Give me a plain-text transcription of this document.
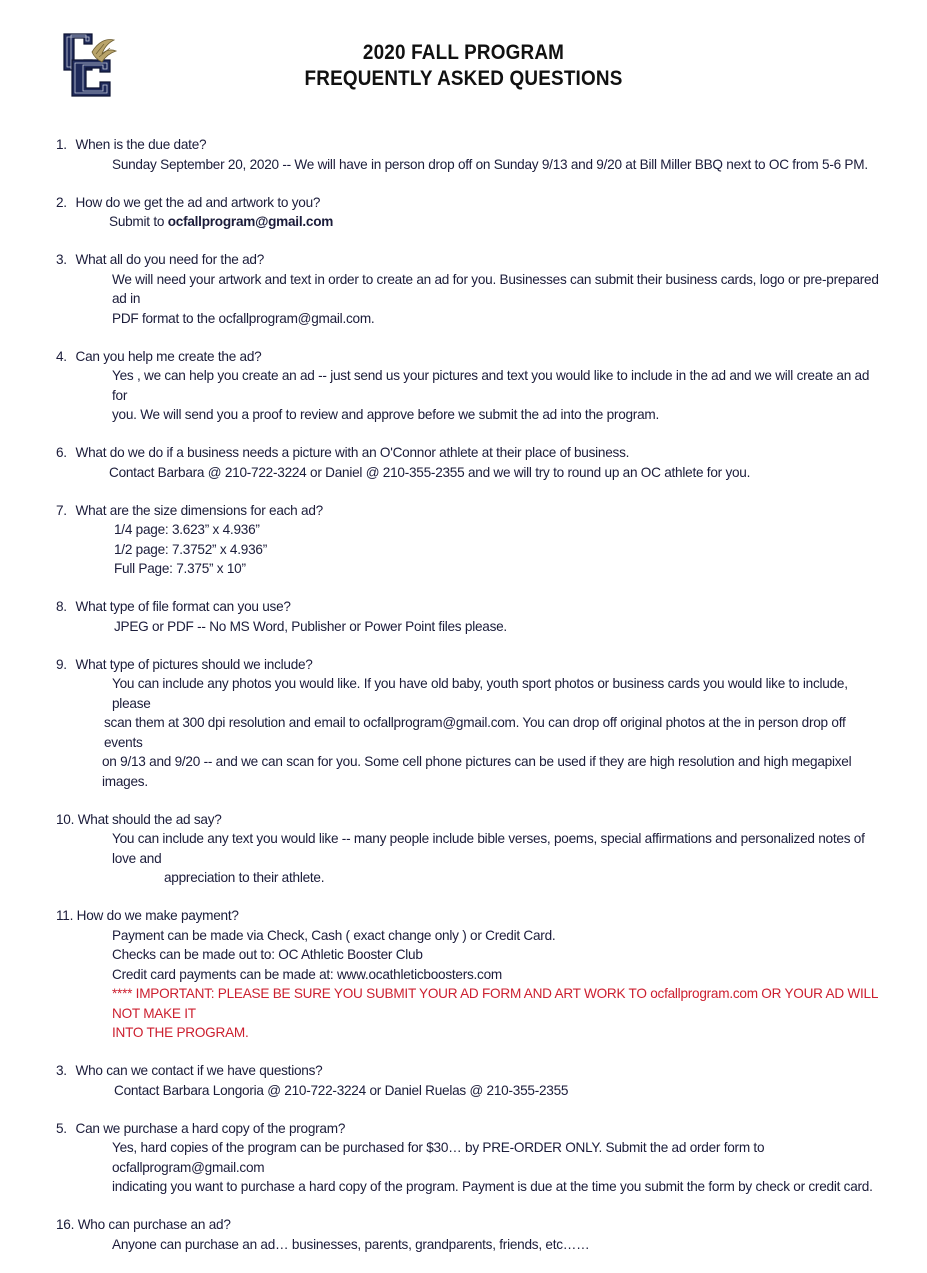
2020 FALL PROGRAM
FREQUENTLY ASKED QUESTIONS
1. When is the due date?
Sunday September 20, 2020 -- We will have in person drop off on Sunday 9/13 and 9/20 at Bill Miller BBQ next to OC from 5-6 PM.
2. How do we get the ad and artwork to you?
Submit to ocfallprogram@gmail.com
3. What all do you need for the ad?
We will need your artwork and text in order to create an ad for you. Businesses can submit their business cards, logo or pre-prepared ad in
PDF format to the ocfallprogram@gmail.com.
4. Can you help me create the ad?
Yes , we can help you create an ad -- just send us your pictures and text you would like to include in the ad and we will create an ad for
you. We will send you a proof to review and approve before we submit the ad into the program.
6. What do we do if a business needs a picture with an O'Connor athlete at their place of business.
Contact Barbara @ 210-722-3224 or Daniel @ 210-355-2355 and we will try to round up an OC athlete for you.
7. What are the size dimensions for each ad?
1/4 page: 3.623” x 4.936”
1/2 page: 7.3752” x 4.936”
Full Page: 7.375” x 10”
8. What type of file format can you use?
JPEG or PDF -- No MS Word, Publisher or Power Point files please.
9. What type of pictures should we include?
You can include any photos you would like. If you have old baby, youth sport photos or business cards you would like to include, please
scan them at 300 dpi resolution and email to ocfallprogram@gmail.com. You can drop off original photos at the in person drop off events
on 9/13 and 9/20 -- and we can scan for you. Some cell phone pictures can be used if they are high resolution and high megapixel images.
10. What should the ad say?
You can include any text you would like -- many people include bible verses, poems, special affirmations and personalized notes of love and
appreciation to their athlete.
11. How do we make payment?
Payment can be made via Check, Cash ( exact change only ) or Credit Card.
Checks can be made out to: OC Athletic Booster Club
Credit card payments can be made at: www.ocathleticboosters.com
**** IMPORTANT: PLEASE BE SURE YOU SUBMIT YOUR AD FORM AND ART WORK TO ocfallprogram.com OR YOUR AD WILL NOT MAKE IT
INTO THE PROGRAM.
3. Who can we contact if we have questions?
Contact Barbara Longoria @ 210-722-3224 or Daniel Ruelas @ 210-355-2355
5. Can we purchase a hard copy of the program?
Yes, hard copies of the program can be purchased for $30… by PRE-ORDER ONLY. Submit the ad order form to ocfallprogram@gmail.com
indicating you want to purchase a hard copy of the program. Payment is due at the time you submit the form by check or credit card.
16. Who can purchase an ad?
Anyone can purchase an ad… businesses, parents, grandparents, friends, etc……
